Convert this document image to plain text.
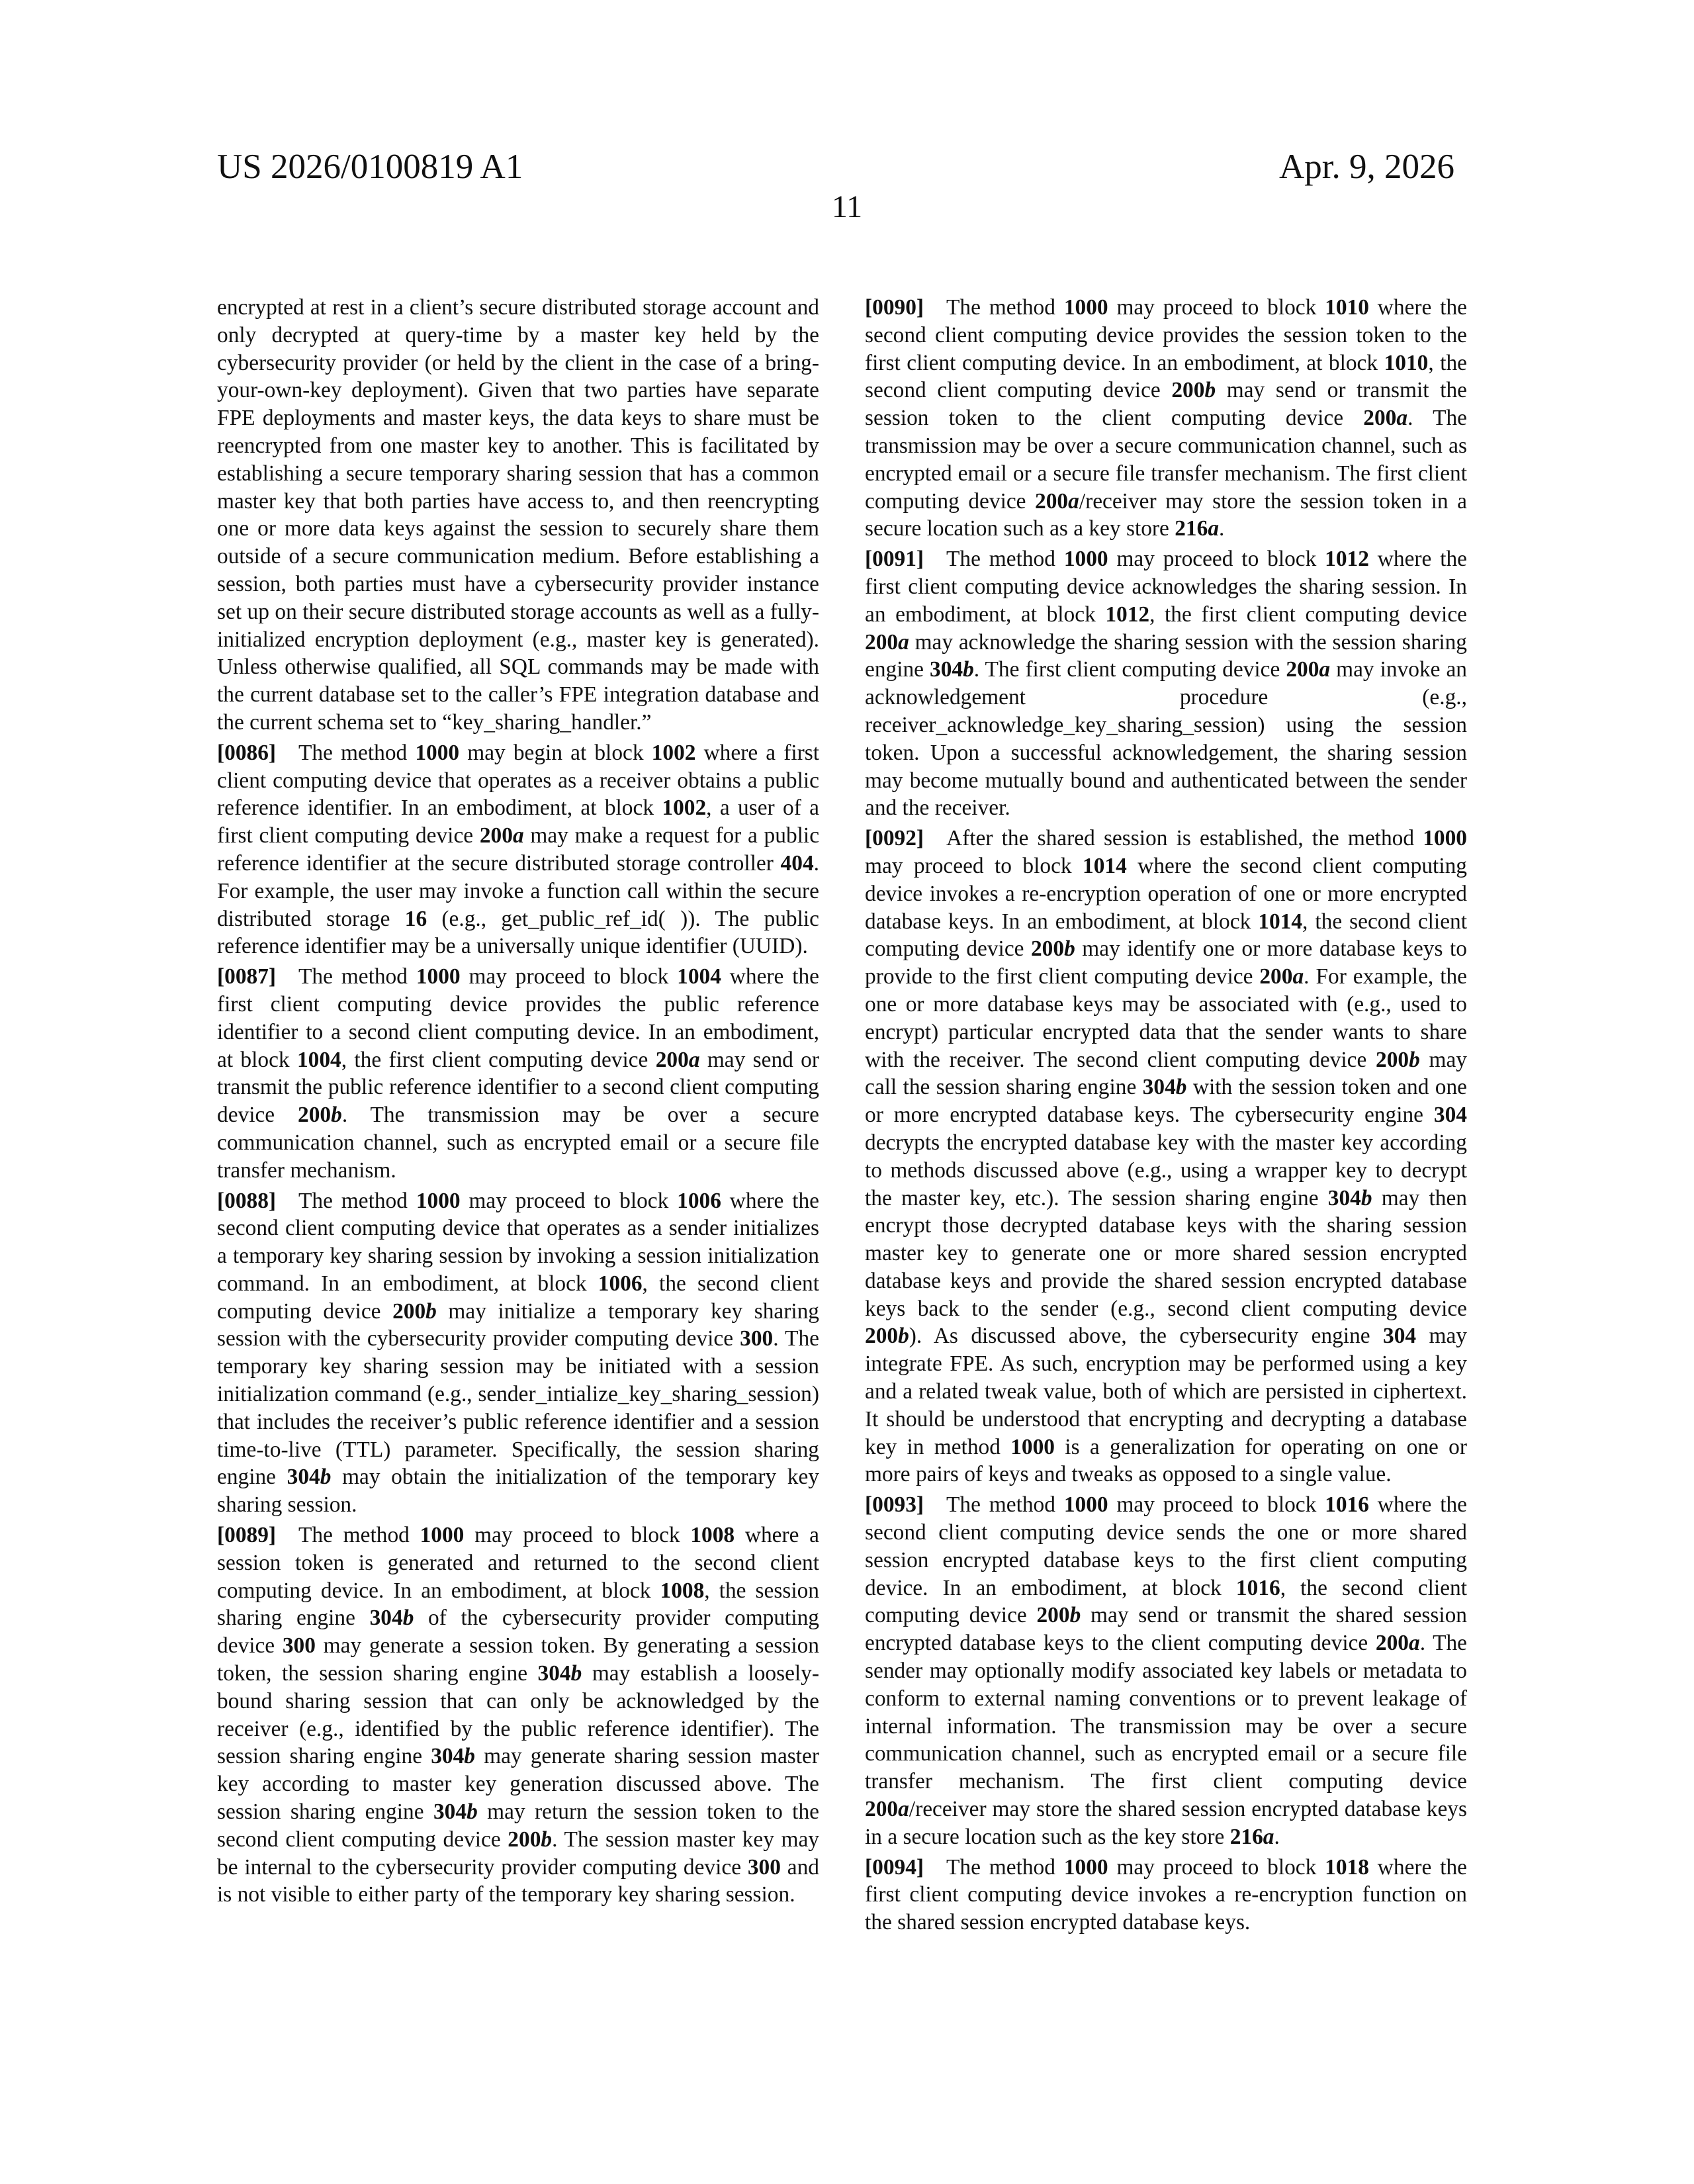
US 2026/0100819 A1	Apr. 9, 2026
11

encrypted at rest in a client’s secure distributed storage account and only decrypted at query-time by a master key held by the cybersecurity provider (or held by the client in the case of a bring-your-own-key deployment). Given that two parties have separate FPE deployments and master keys, the data keys to share must be reencrypted from one master key to another. This is facilitated by establishing a secure temporary sharing session that has a common master key that both parties have access to, and then reencrypting one or more data keys against the session to securely share them outside of a secure communication medium. Before establishing a session, both parties must have a cybersecurity provider instance set up on their secure distributed storage accounts as well as a fully-initialized encryption deployment (e.g., master key is generated). Unless otherwise qualified, all SQL commands may be made with the current database set to the caller’s FPE integration database and the current schema set to “key_sharing_handler.”

[0086] The method 1000 may begin at block 1002 where a first client computing device that operates as a receiver obtains a public reference identifier. In an embodiment, at block 1002, a user of a first client computing device 200a may make a request for a public reference identifier at the secure distributed storage controller 404. For example, the user may invoke a function call within the secure distributed storage 16 (e.g., get_public_ref_id( )). The public reference identifier may be a universally unique identifier (UUID).

[0087] The method 1000 may proceed to block 1004 where the first client computing device provides the public reference identifier to a second client computing device. In an embodiment, at block 1004, the first client computing device 200a may send or transmit the public reference identifier to a second client computing device 200b. The transmission may be over a secure communication channel, such as encrypted email or a secure file transfer mechanism.

[0088] The method 1000 may proceed to block 1006 where the second client computing device that operates as a sender initializes a temporary key sharing session by invoking a session initialization command. In an embodiment, at block 1006, the second client computing device 200b may initialize a temporary key sharing session with the cybersecurity provider computing device 300. The temporary key sharing session may be initiated with a session initialization command (e.g., sender_intialize_key_sharing_session) that includes the receiver’s public reference identifier and a session time-to-live (TTL) parameter. Specifically, the session sharing engine 304b may obtain the initialization of the temporary key sharing session.

[0089] The method 1000 may proceed to block 1008 where a session token is generated and returned to the second client computing device. In an embodiment, at block 1008, the session sharing engine 304b of the cybersecurity provider computing device 300 may generate a session token. By generating a session token, the session sharing engine 304b may establish a loosely-bound sharing session that can only be acknowledged by the receiver (e.g., identified by the public reference identifier). The session sharing engine 304b may generate sharing session master key according to master key generation discussed above. The session sharing engine 304b may return the session token to the second client computing device 200b. The session master key may be internal to the cybersecurity provider computing device 300 and is not visible to either party of the temporary key sharing session.

[0090] The method 1000 may proceed to block 1010 where the second client computing device provides the session token to the first client computing device. In an embodiment, at block 1010, the second client computing device 200b may send or transmit the session token to the client computing device 200a. The transmission may be over a secure communication channel, such as encrypted email or a secure file transfer mechanism. The first client computing device 200a/receiver may store the session token in a secure location such as a key store 216a.

[0091] The method 1000 may proceed to block 1012 where the first client computing device acknowledges the sharing session. In an embodiment, at block 1012, the first client computing device 200a may acknowledge the sharing session with the session sharing engine 304b. The first client computing device 200a may invoke an acknowledgement procedure (e.g., receiver_acknowledge_key_sharing_session) using the session token. Upon a successful acknowledgement, the sharing session may become mutually bound and authenticated between the sender and the receiver.

[0092] After the shared session is established, the method 1000 may proceed to block 1014 where the second client computing device invokes a re-encryption operation of one or more encrypted database keys. In an embodiment, at block 1014, the second client computing device 200b may identify one or more database keys to provide to the first client computing device 200a. For example, the one or more database keys may be associated with (e.g., used to encrypt) particular encrypted data that the sender wants to share with the receiver. The second client computing device 200b may call the session sharing engine 304b with the session token and one or more encrypted database keys. The cybersecurity engine 304 decrypts the encrypted database key with the master key according to methods discussed above (e.g., using a wrapper key to decrypt the master key, etc.). The session sharing engine 304b may then encrypt those decrypted database keys with the sharing session master key to generate one or more shared session encrypted database keys and provide the shared session encrypted database keys back to the sender (e.g., second client computing device 200b). As discussed above, the cybersecurity engine 304 may integrate FPE. As such, encryption may be performed using a key and a related tweak value, both of which are persisted in ciphertext. It should be understood that encrypting and decrypting a database key in method 1000 is a generalization for operating on one or more pairs of keys and tweaks as opposed to a single value.

[0093] The method 1000 may proceed to block 1016 where the second client computing device sends the one or more shared session encrypted database keys to the first client computing device. In an embodiment, at block 1016, the second client computing device 200b may send or transmit the shared session encrypted database keys to the client computing device 200a. The sender may optionally modify associated key labels or metadata to conform to external naming conventions or to prevent leakage of internal information. The transmission may be over a secure communication channel, such as encrypted email or a secure file transfer mechanism. The first client computing device 200a/receiver may store the shared session encrypted database keys in a secure location such as the key store 216a.

[0094] The method 1000 may proceed to block 1018 where the first client computing device invokes a re-encryption function on the shared session encrypted database keys.
